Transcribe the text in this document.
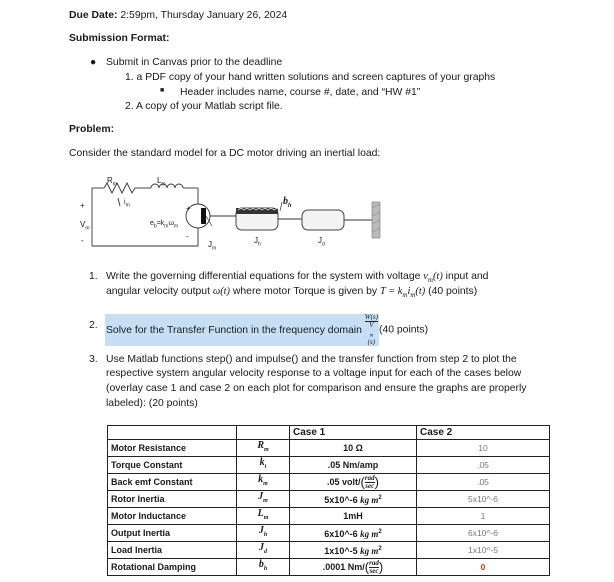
Due Date: 2:59pm, Thursday January 26, 2024
Submission Format:
● Submit in Canvas prior to the deadline
1. a PDF copy of your hand written solutions and screen captures of your graphs
■ Header includes name, course #, date, and “HW #1”
2. A copy of your Matlab script file.
Problem:
Consider the standard model for a DC motor driving an inertial load:
$R_m$	$L_m$
$i_m$
+
-
$V_m$
+
-
$e_b=k_m\omega_m$
$J_m$
$J_h$	$J_d$
$b_h$
1. Write the governing differential equations for the system with voltage $v_m(t)$ input and
angular velocity output ω(t) where motor Torque is given by $T = k_mi_m(t)$ (40 points)
2. Solve for the Transfer Function in the frequency domain W(s)
V
$_m$
(s) (40 points)
3. Use Matlab functions step() and impulse() and the transfer function from step 2 to plot the
respective system angular velocity response to a voltage input for each of the cases below
(overlay case 1 and case 2 on each plot for comparison and ensure the graphs are properly
labeled): (20 points)
		Case 1	Case 2
Motor Resistance	$R_m$	10 Ω	10
Torque Constant	$k_t$	.05 Nm/amp	.05
Back emf Constant	$k_m$	.05 volt/( $\frac{\text{rad}}{\sec}$ )	.05
Rotor Inertia	$J_m$	5x10^-6 kg $m^2$	5x10^-6
Motor Inductance	$L_m$	1mH	1
Output Inertia	$J_h$	6x10^-6 kg $m^2$	6x10^-6
Load Inertia	$J_d$	1x10^-5 kg $m^2$	1x10^-5
Rotational Damping	$b_h$	.0001 $Nm/( \frac{\text{rad}}{\sec}$ )	0
